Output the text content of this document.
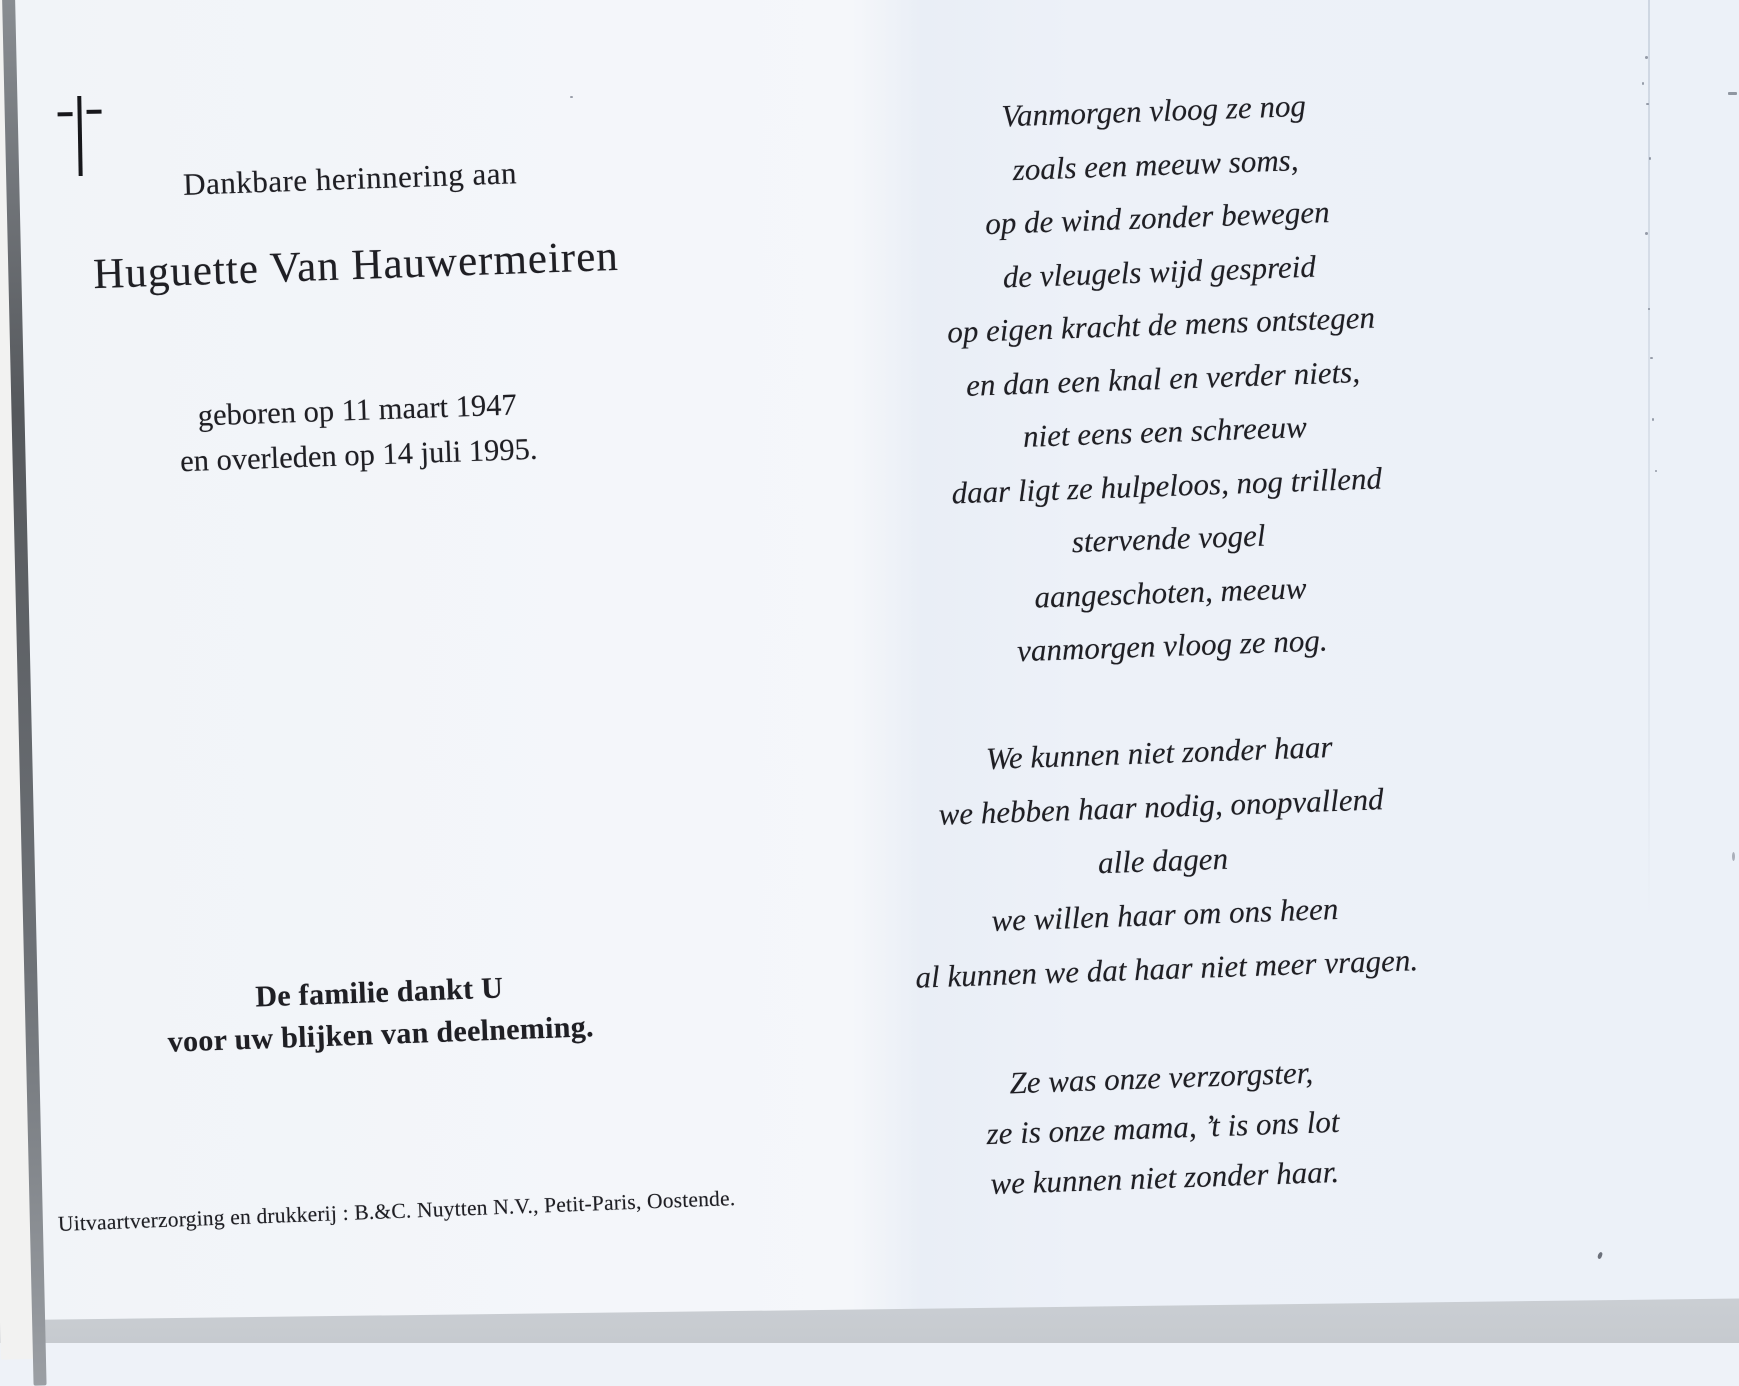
Dankbare herinnering aan
Huguette Van Hauwermeiren
geboren op 11 maart 1947
en overleden op 14 juli 1995.
De familie dankt U
voor uw blijken van deelneming.
Uitvaartverzorging en drukkerij : B.&C. Nuytten N.V., Petit-Paris, Oostende.
Vanmorgen vloog ze nog
zoals een meeuw soms,
op de wind zonder bewegen
de vleugels wijd gespreid
op eigen kracht de mens ontstegen
en dan een knal en verder niets,
niet eens een schreeuw
daar ligt ze hulpeloos, nog trillend
stervende vogel
aangeschoten, meeuw
vanmorgen vloog ze nog.
We kunnen niet zonder haar
we hebben haar nodig, onopvallend
alle dagen
we willen haar om ons heen
al kunnen we dat haar niet meer vragen.
Ze was onze verzorgster,
ze is onze mama, ’t is ons lot
we kunnen niet zonder haar.
